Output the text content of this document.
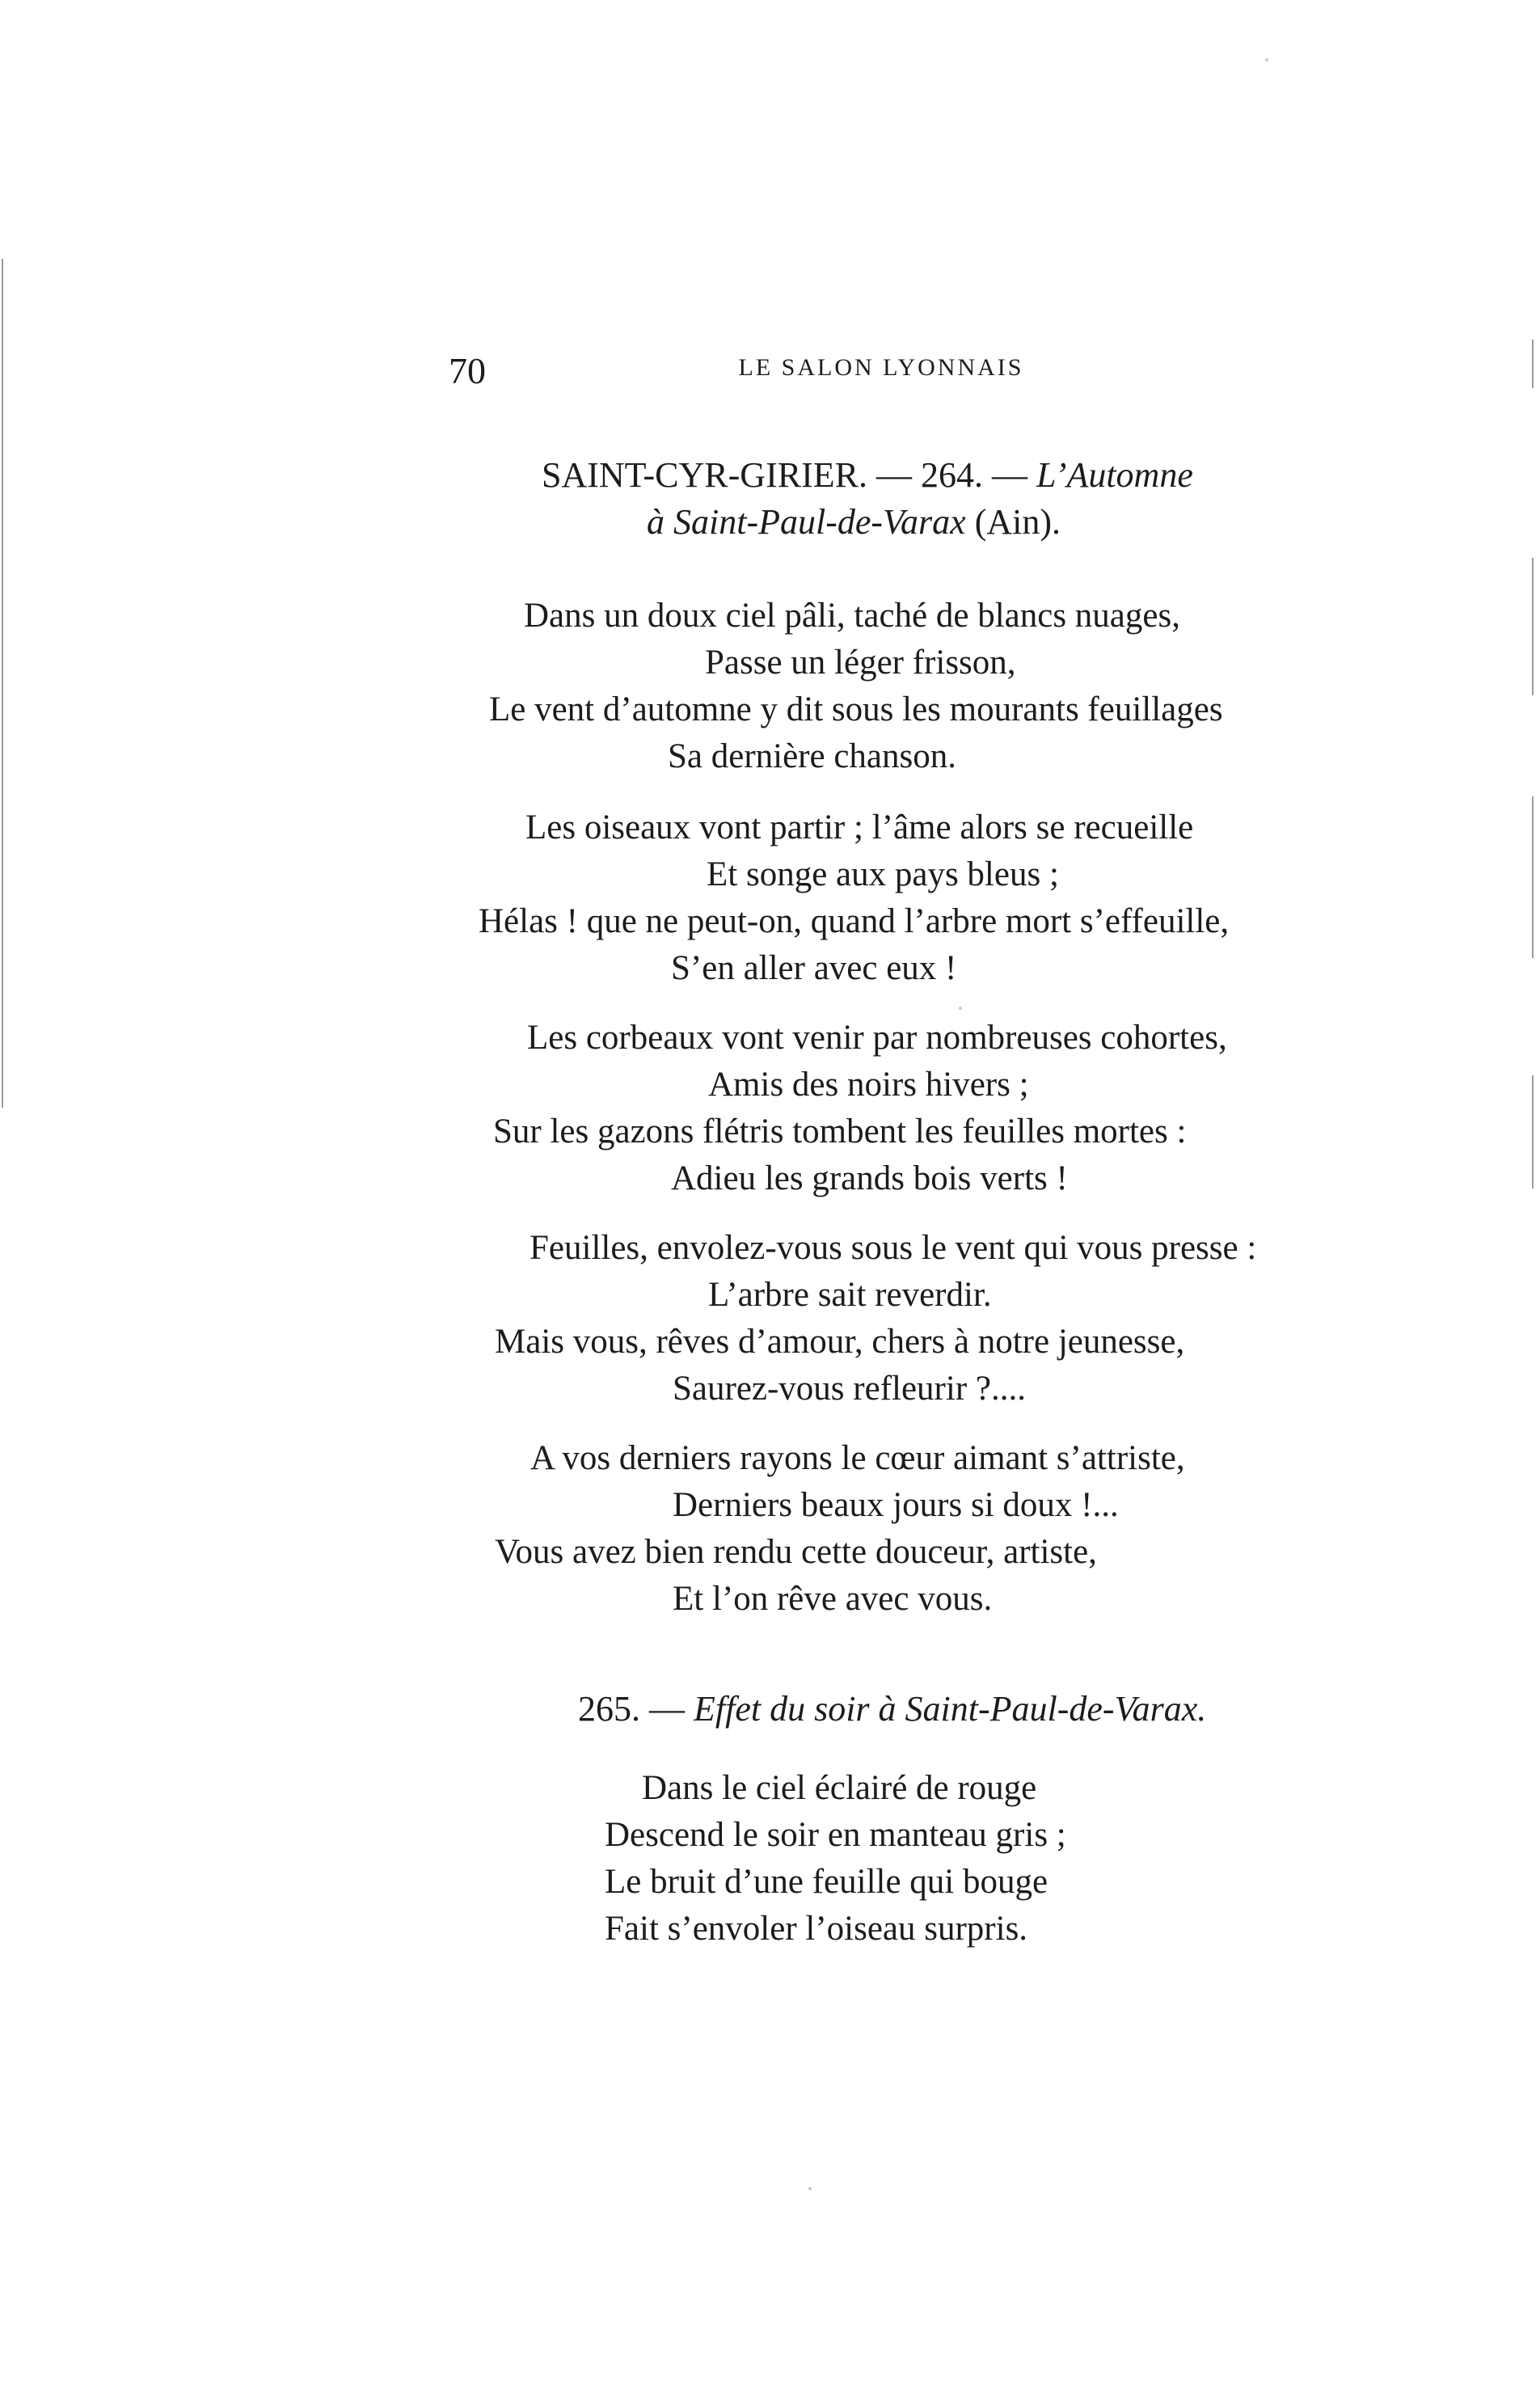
70	LE SALON LYONNAIS
SAINT-CYR-GIRIER. — 264. — L’Automne
à Saint-Paul-de-Varax (Ain).

Dans un doux ciel pâli, taché de blancs nuages,

Passe un léger frisson,

Le vent d’automne y dit sous les mourants feuillages

Sa dernière chanson.

Les oiseaux vont partir ; l’âme alors se recueille

Et songe aux pays bleus ;

Hélas ! que ne peut-on, quand l’arbre mort s’effeuille,

S’en aller avec eux !

Les corbeaux vont venir par nombreuses cohortes,

Amis des noirs hivers ;

Sur les gazons flétris tombent les feuilles mortes :

Adieu les grands bois verts !

Feuilles, envolez-vous sous le vent qui vous presse :

L’arbre sait reverdir.

Mais vous, rêves d’amour, chers à notre jeunesse,

Saurez-vous refleurir ?....

A vos derniers rayons le cœur aimant s’attriste,

Derniers beaux jours si doux !...

Vous avez bien rendu cette douceur, artiste,

Et l’on rêve avec vous.

265. — Effet du soir à Saint-Paul-de-Varax.

Dans le ciel éclairé de rouge

Descend le soir en manteau gris ;

Le bruit d’une feuille qui bouge

Fait s’envoler l’oiseau surpris.
